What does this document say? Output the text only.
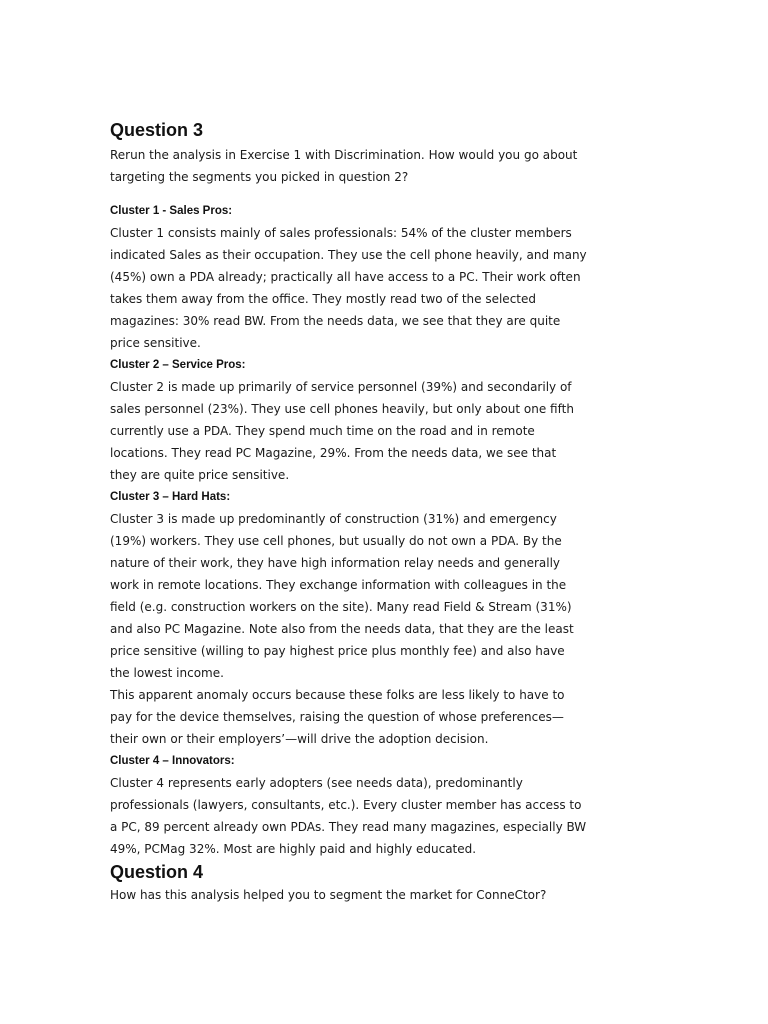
Question 3
Rerun the analysis in Exercise 1 with Discrimination. How would you go about
targeting the segments you picked in question 2?
Cluster 1 - Sales Pros:
Cluster 1 consists mainly of sales professionals: 54% of the cluster members
indicated Sales as their occupation. They use the cell phone heavily, and many
(45%) own a PDA already; practically all have access to a PC. Their work often
takes them away from the office. They mostly read two of the selected
magazines: 30% read BW. From the needs data, we see that they are quite
price sensitive.
Cluster 2 – Service Pros:
Cluster 2 is made up primarily of service personnel (39%) and secondarily of
sales personnel (23%). They use cell phones heavily, but only about one fifth
currently use a PDA. They spend much time on the road and in remote
locations. They read PC Magazine, 29%. From the needs data, we see that
they are quite price sensitive.
Cluster 3 – Hard Hats:
Cluster 3 is made up predominantly of construction (31%) and emergency
(19%) workers. They use cell phones, but usually do not own a PDA. By the
nature of their work, they have high information relay needs and generally
work in remote locations. They exchange information with colleagues in the
field (e.g. construction workers on the site). Many read Field & Stream (31%)
and also PC Magazine. Note also from the needs data, that they are the least
price sensitive (willing to pay highest price plus monthly fee) and also have
the lowest income.
This apparent anomaly occurs because these folks are less likely to have to
pay for the device themselves, raising the question of whose preferences—
their own or their employers’—will drive the adoption decision.
Cluster 4 – Innovators:
Cluster 4 represents early adopters (see needs data), predominantly
professionals (lawyers, consultants, etc.). Every cluster member has access to
a PC, 89 percent already own PDAs. They read many magazines, especially BW
49%, PCMag 32%. Most are highly paid and highly educated.
Question 4
How has this analysis helped you to segment the market for ConneCtor?
